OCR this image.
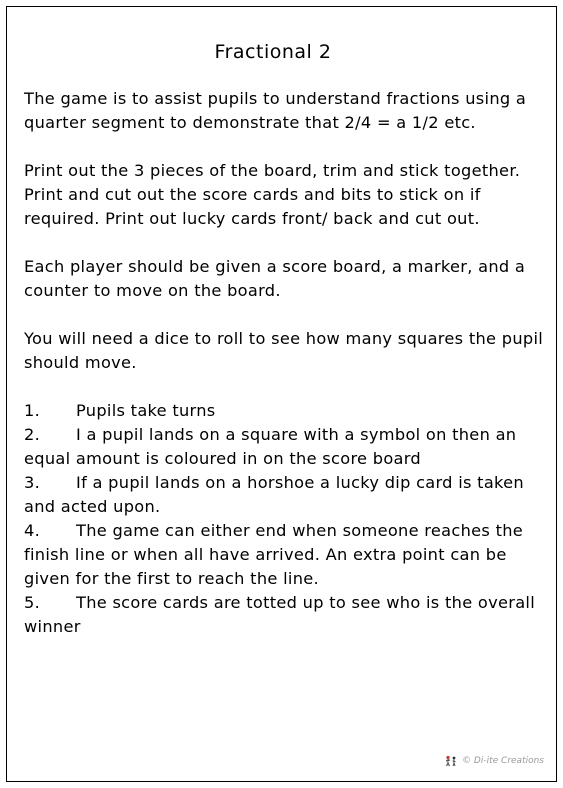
Fractional 2

The game is to assist pupils to understand fractions using a quarter segment to demonstrate that 2/4 = a 1/2 etc.

Print out the 3 pieces of the board, trim and stick together. Print and cut out the score cards and bits to stick on if required. Print out lucky cards front/ back and cut out.

Each player should be given a score board, a marker, and a counter to move on the board.

You will need a dice to roll to see how many squares the pupil should move.

1. Pupils take turns
2. I a pupil lands on a square with a symbol on then an equal amount is coloured in on the score board
3. If a pupil lands on a horshoe a lucky dip card is taken and acted upon.
4. The game can either end when someone reaches the finish line or when all have arrived. An extra point can be given for the first to reach the line.
5. The score cards are totted up to see who is the overall winner
© Di-ite Creations
